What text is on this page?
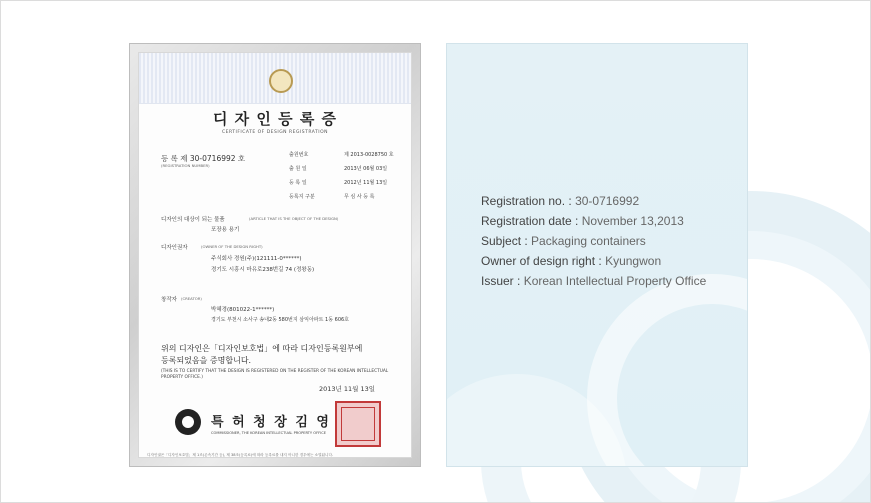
디 자 인 등 록 증
CERTIFICATE OF DESIGN REGISTRATION
등 록 제 30-0716992 호
(REGISTRATION NUMBER)
출원번호	제 2013-0028750 호
출 원 일	2013년 06월 03일
등 록 일	2012년 11월 13일
등록지 구분	무 심 사 등 록
디자인의 대상이 되는 물품	(ARTICLE THAT IS THE OBJECT OF THE DESIGN)
포장용 용기
디자인권자	(OWNER OF THE DESIGN RIGHT)
주식회사 경원(주)(121111-0******)
경기도 시흥시 마유로238번길 74 (정왕동)
창작자 (CREATOR)
박혜경(801022-1******)
경기도 부천시 소사구 송내2동 580번지 삼익아파트 1동 606호
위의 디자인은「디자인보호법」에 따라 디자인등록원부에
등록되었음을 증명합니다.
(THIS IS TO CERTIFY THAT THE DESIGN IS REGISTERED ON THE REGISTER OF THE KOREAN INTELLECTUAL PROPERTY OFFICE.)
2013년 11월 13일
특 허 청 장 김 영
COMMISSIONER, THE KOREAN INTELLECTUAL PROPERTY OFFICE
디자인권은「디자인보호법」제 1조(존속기간 등), 제 38조(등록료)에 따라 등록료를 내지 아니한 경우에는 소멸됩니다.
Registration no. : 30-0716992
Registration date : November 13,2013
Subject : Packaging containers
Owner of design right : Kyungwon
Issuer : Korean Intellectual Property Office
